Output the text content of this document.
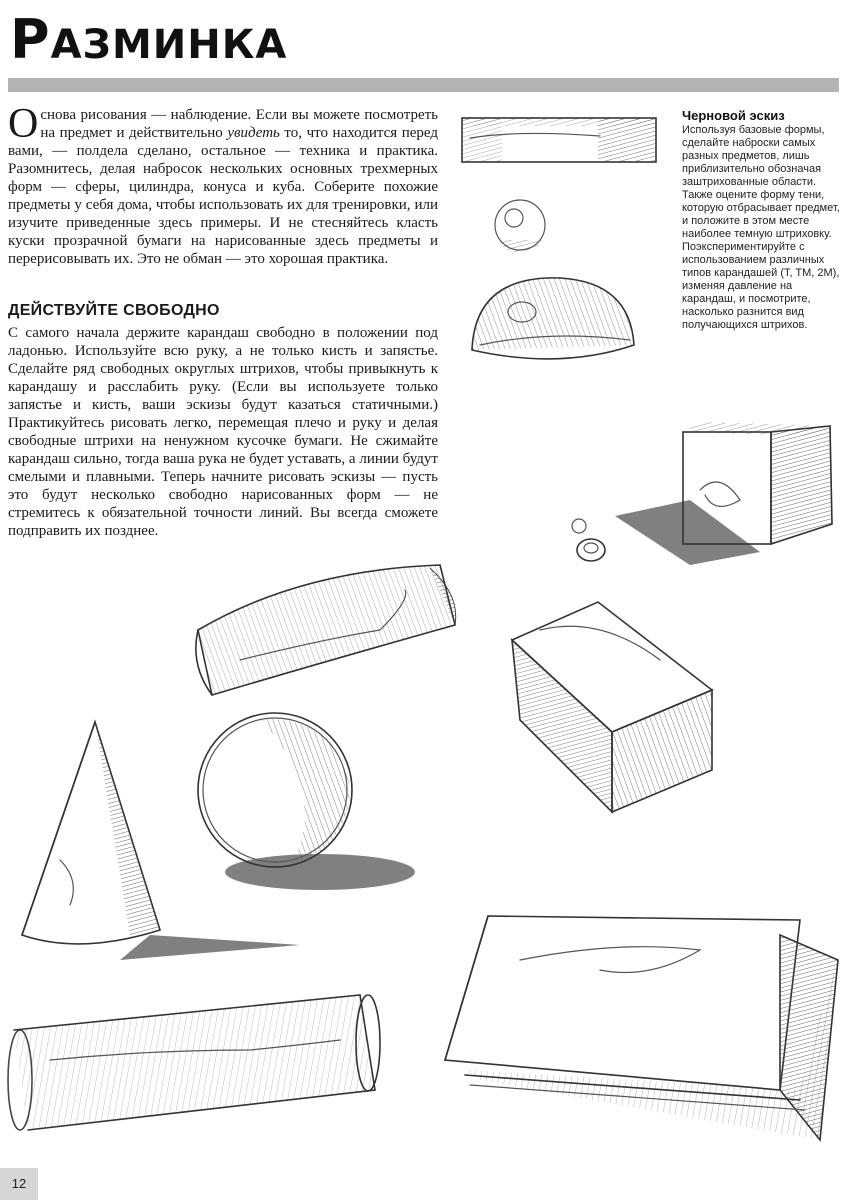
РАЗМИНКА

Основа рисования — наблюдение. Если вы можете посмотреть на предмет и действительно увидеть то, что находится перед вами, — полдела сделано, остальное — техника и практика. Разомнитесь, делая набросок нескольких основных трехмерных форм — сферы, цилиндра, конуса и куба. Соберите похожие предметы у себя дома, чтобы использовать их для тренировки, или изучите приведенные здесь примеры. И не стесняйтесь класть куски прозрачной бумаги на нарисованные здесь предметы и перерисовывать их. Это не обман — это хорошая практика.

ДЕЙСТВУЙТЕ СВОБОДНО

С самого начала держите карандаш свободно в положении под ладонью. Используйте всю руку, а не только кисть и запястье. Сделайте ряд свободных округлых штрихов, чтобы привыкнуть к карандашу и расслабить руку. (Если вы используете только запястье и кисть, ваши эскизы будут казаться статичными.) Практикуйтесь рисовать легко, перемещая плечо и руку и делая свободные штрихи на ненужном кусочке бумаги. Не сжимайте карандаш сильно, тогда ваша рука не будет уставать, а линии будут смелыми и плавными. Теперь начните рисовать эскизы — пусть это будут несколько свободно нарисованных форм — не стремитесь к обязательной точности линий. Вы всегда сможете подправить их позднее.

Черновой эскиз

Используя базовые формы, сделайте наброски самых разных предметов, лишь приблизительно обозначая заштрихованные области. Также оцените форму тени, которую отбрасывает предмет, и положите в этом месте наиболее темную штриховку. Поэкспериментируйте с использованием различных типов карандашей (T, TM, 2M), изменяя давление на карандаш, и посмотрите, насколько разнится вид получающихся штрихов.

12
